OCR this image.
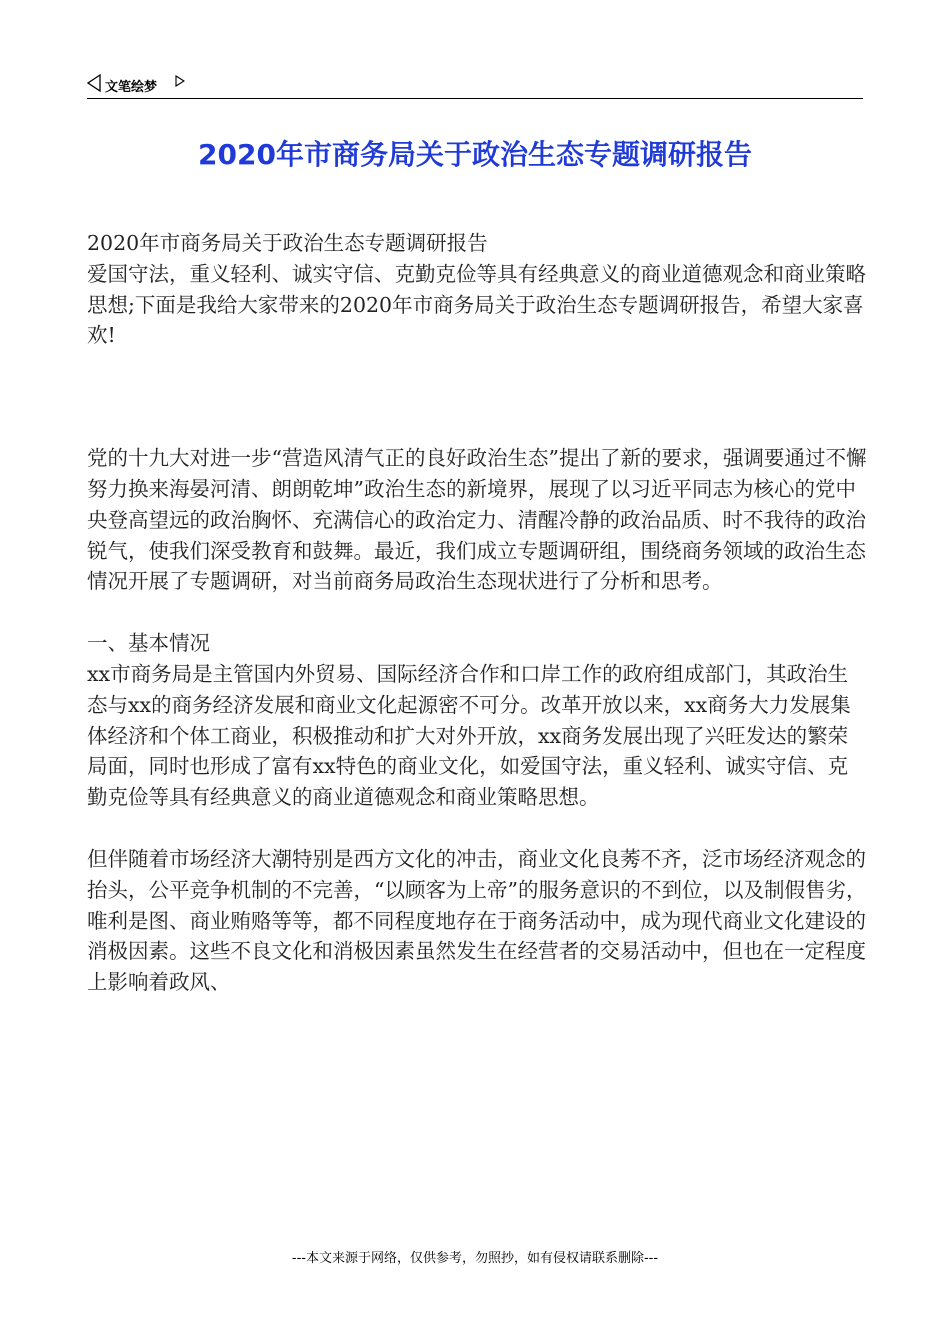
文笔绘梦
2020年市商务局关于政治生态专题调研报告

2020年市商务局关于政治生态专题调研报告

爱国守法，重义轻利、诚实守信、克勤克俭等具有经典意义的商业道德观念和商业策略思想;下面是我给大家带来的2020年市商务局关于政治生态专题调研报告，希望大家喜欢!

党的十九大对进一步“营造风清气正的良好政治生态”提出了新的要求，强调要通过不懈努力换来海晏河清、朗朗乾坤”政治生态的新境界，展现了以习近平同志为核心的党中央登高望远的政治胸怀、充满信心的政治定力、清醒冷静的政治品质、时不我待的政治锐气，使我们深受教育和鼓舞。最近，我们成立专题调研组，围绕商务领域的政治生态情况开展了专题调研，对当前商务局政治生态现状进行了分析和思考。

一、基本情况

xx市商务局是主管国内外贸易、国际经济合作和口岸工作的政府组成部门，其政治生态与xx的商务经济发展和商业文化起源密不可分。改革开放以来，xx商务大力发展集体经济和个体工商业，积极推动和扩大对外开放，xx商务发展出现了兴旺发达的繁荣局面，同时也形成了富有xx特色的商业文化，如爱国守法，重义轻利、诚实守信、克勤克俭等具有经典意义的商业道德观念和商业策略思想。

但伴随着市场经济大潮特别是西方文化的冲击，商业文化良莠不齐，泛市场经济观念的抬头，公平竞争机制的不完善，“以顾客为上帝”的服务意识的不到位，以及制假售劣，唯利是图、商业贿赂等等，都不同程度地存在于商务活动中，成为现代商业文化建设的消极因素。这些不良文化和消极因素虽然发生在经营者的交易活动中，但也在一定程度上影响着政风、

---本文来源于网络，仅供参考，勿照抄，如有侵权请联系删除---
